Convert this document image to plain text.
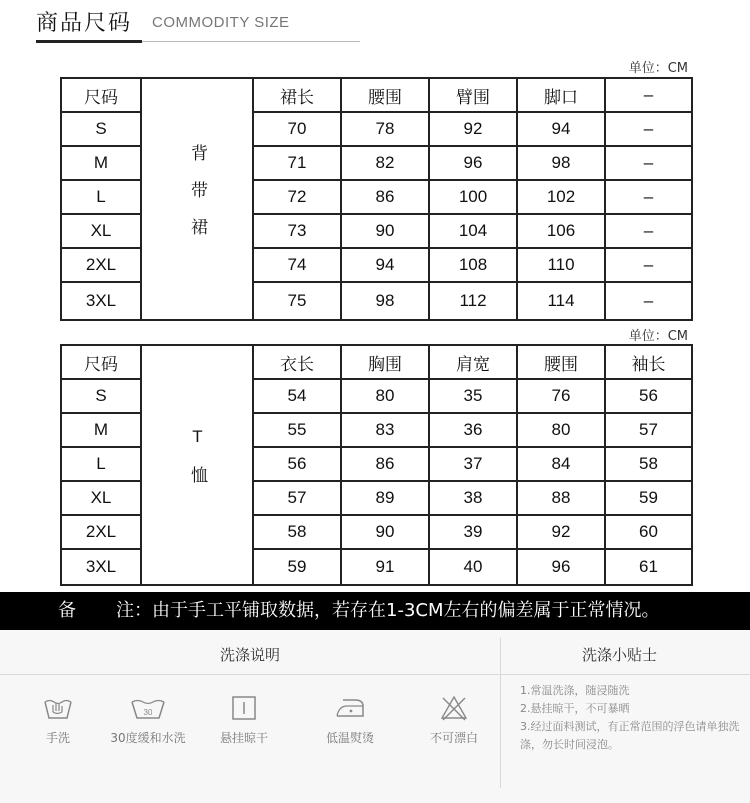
商品尺码 COMMODITY SIZE
单位：CM
尺码	背带裙	裙长	腰围	臂围	脚口	–
S		70	78	92	94	–
M		71	82	96	98	–
L		72	86	100	102	–
XL		73	90	104	106	–
2XL		74	94	108	110	–
3XL		75	98	112	114	–
单位：CM
尺码	T恤	衣长	胸围	肩宽	腰围	袖长
S		54	80	35	76	56
M		55	83	36	80	57
L		56	86	37	84	58
XL		57	89	38	88	59
2XL		58	90	39	92	60
3XL		59	91	40	96	61
备 注：由于手工平铺取数据，若存在1-3CM左右的偏差属于正常情况。
洗涤说明	洗涤小贴士
手洗
30
30度缓和水洗	悬挂晾干	低温熨烫	不可漂白
1.常温洗涤，随浸随洗
2.悬挂晾干，不可暴晒
3.经过面料测试，有正常范围的浮色请单独洗涤，勿长时间浸泡。
